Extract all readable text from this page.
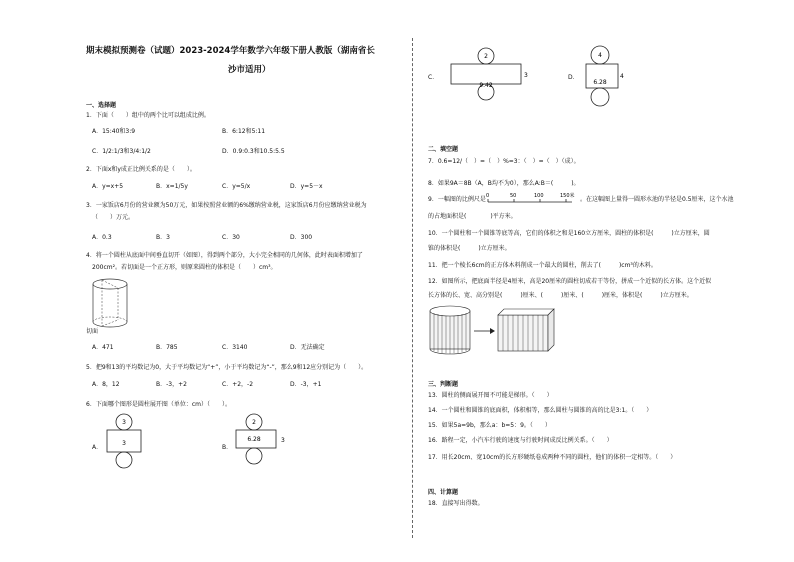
期末模拟预测卷（试题）2023-2024学年数学六年级下册人教版（湖南省长
沙市适用）
一、选择题
1．下面（　　）组中的两个比可以组成比例。
A．15:40和3:9	B．6:12和5:11
C．1/2:1/3和3/4:1/2	D．0.9:0.3和10.5:5.5
2．下面x和y成正比例关系的是（　　）。
A．y=x+5	B．x=1/5y	C．y=5/x	D．y=5－x
3．一家饭店6月份的营业额为50万元，如果按照营业额的6%缴纳营业税，这家饭店6月份应缴纳营业税为
（　　）万元。
A．0.3	B．3	C．30	D．300
4．将一个圆柱从底面中间垂直切开（如图），得到两个部分，大小完全相同的几何体，此时表面积增加了
200cm²。若切面是一个正方形，则原来圆柱的体积是（　　）cm³。
切面
A．471	B．785	C．3140	D．无法确定
5．把9和13的平均数记为0，大于平均数记为“+”，小于平均数记为“-”，那么9和12应分别记为（　　）。
A．8，12	B．-3，+2	C．+2，-2	D．-3，+1
6．下面哪个图形是圆柱展开图（单位：cm）（　　）。
A．
3
3
B．
2
6.28	3
C．
2
9.42
3	D．
4
6.28
4
二、填空题
7．0.6=12/（　）=（　）%=3：（　）=（　）（成）。
8．如果9A＝8B（A，B均不为0），那么A:B＝(　　　)。
9．一幅图的比例尺是 0	50	100	150米 。在这幅图上量得一圆形水池的半径是0.5厘米，这个水池
的占地面积是(　　　　)平方米。
10．一个圆柱和一个圆锥等底等高，它们的体积之和是160立方厘米，圆柱的体积是(　　　)立方厘米，圆
锥的体积是(　　　)立方厘米。
11．把一个棱长6cm的正方体木料削成一个最大的圆柱，削去了(　　　)cm³的木料。
12．如图所示，把底面半径是4厘米，高是20厘米的圆柱切成若干等份，拼成一个近似的长方体。这个近似
长方体的长、宽、高分别是(　　　)厘米、(　　　)厘米、(　　　)厘米，体积是(　　　)立方厘米。
三、判断题
13．圆柱的侧面展开图不可能是梯形。（　　）
14．一个圆柱和圆锥的底面积，体积相等，那么圆柱与圆锥的高的比是3:1。（　　）
15．如果5a=9b，那么a：b=5：9。（　　）
16．路程一定，小汽车行驶的速度与行驶时间成反比例关系。（　　）
17．用长20cm、宽10cm的长方形硬纸卷成两种不同的圆柱，他们的体积一定相等。（　　）
四、计算题
18．直接写出得数。
